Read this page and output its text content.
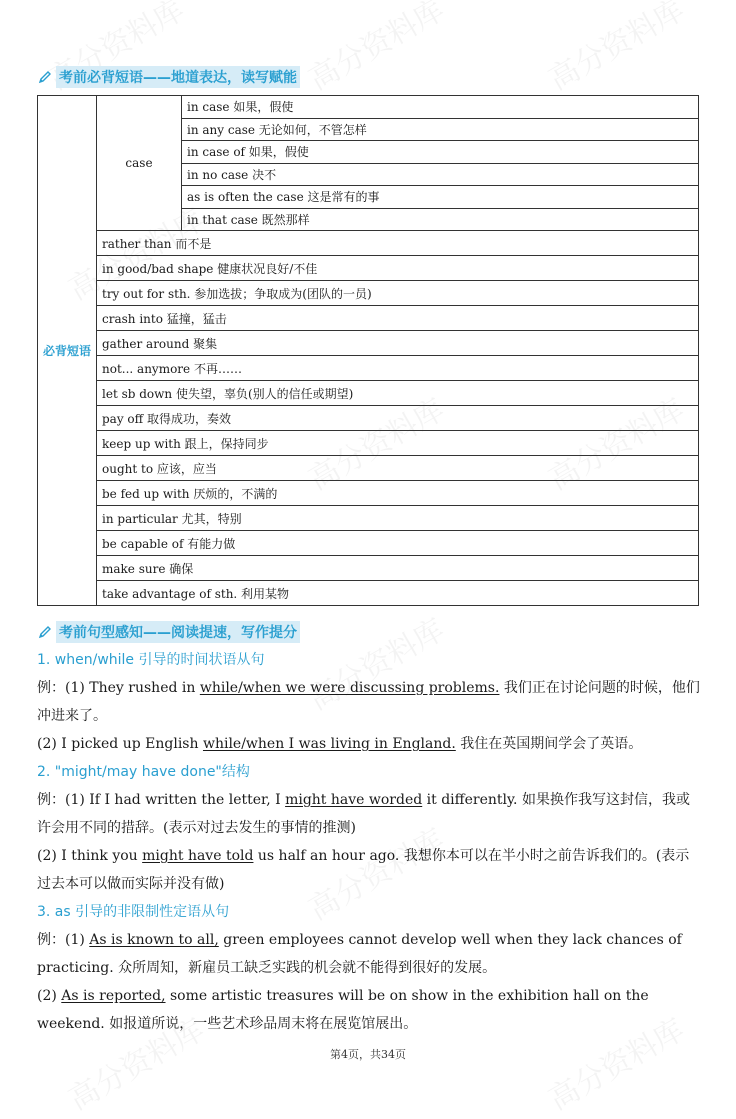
考前必背短语——地道表达，读写赋能
必背短语	case	in case 如果，假使
in any case 无论如何，不管怎样
in case of 如果，假使
in no case 决不
as is often the case 这是常有的事
in that case 既然那样
rather than 而不是
in good/bad shape 健康状况良好/不佳
try out for sth. 参加选拔；争取成为(团队的一员)
crash into 猛撞，猛击
gather around 聚集
not... anymore 不再……
let sb down 使失望，辜负(别人的信任或期望)
pay off 取得成功，奏效
keep up with 跟上，保持同步
ought to 应该，应当
be fed up with 厌烦的，不满的
in particular 尤其，特别
be capable of 有能力做
make sure 确保
take advantage of sth. 利用某物
考前句型感知——阅读提速，写作提分

1. when/while 引导的时间状语从句

例：(1) They rushed in while/when we were discussing problems. 我们正在讨论问题的时候，他们冲进来了。

(2) I picked up English while/when I was living in England. 我住在英国期间学会了英语。

2. "might/may have done"结构

例：(1) If I had written the letter, I might have worded it differently. 如果换作我写这封信，我或许会用不同的措辞。(表示对过去发生的事情的推测)

(2) I think you might have told us half an hour ago. 我想你本可以在半小时之前告诉我们的。(表示过去本可以做而实际并没有做)

3. as 引导的非限制性定语从句

例：(1) As is known to all, green employees cannot develop well when they lack chances of practicing. 众所周知，新雇员工缺乏实践的机会就不能得到很好的发展。

(2) As is reported, some artistic treasures will be on show in the exhibition hall on the weekend. 如报道所说，一些艺术珍品周末将在展览馆展出。

第4页，共34页
